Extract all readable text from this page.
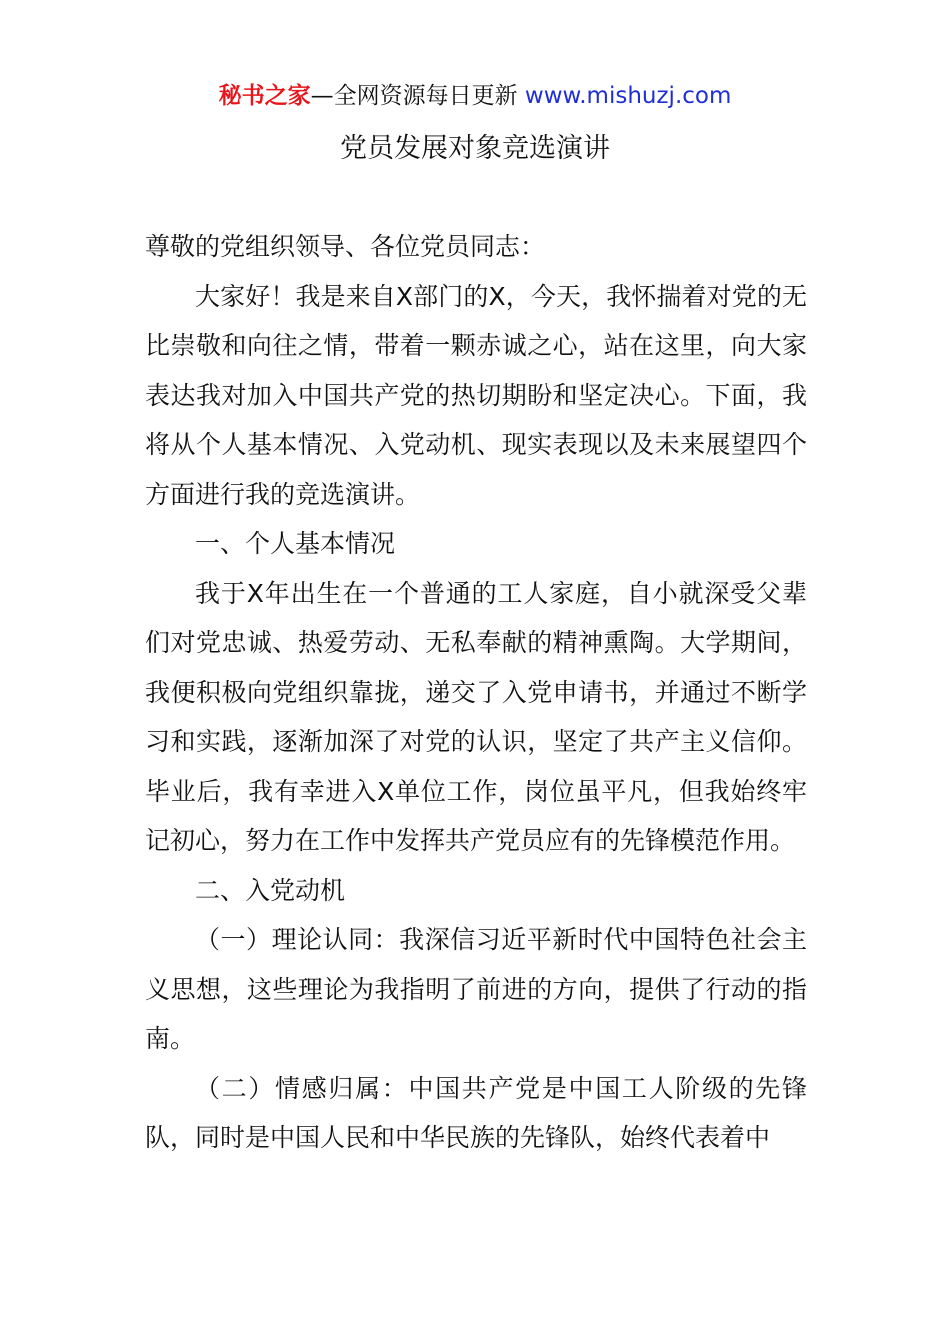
秘书之家—全网资源每日更新 www.mishuzj.com
党员发展对象竞选演讲

尊敬的党组织领导、各位党员同志：

大家好！我是来自X部门的X，今天，我怀揣着对党的无比崇敬和向往之情，带着一颗赤诚之心，站在这里，向大家表达我对加入中国共产党的热切期盼和坚定决心。下面，我将从个人基本情况、入党动机、现实表现以及未来展望四个方面进行我的竞选演讲。

一、个人基本情况

我于X年出生在一个普通的工人家庭，自小就深受父辈们对党忠诚、热爱劳动、无私奉献的精神熏陶。大学期间，我便积极向党组织靠拢，递交了入党申请书，并通过不断学习和实践，逐渐加深了对党的认识，坚定了共产主义信仰。毕业后，我有幸进入X单位工作，岗位虽平凡，但我始终牢记初心，努力在工作中发挥共产党员应有的先锋模范作用。

二、入党动机

（一）理论认同：我深信习近平新时代中国特色社会主义思想，这些理论为我指明了前进的方向，提供了行动的指南。

（二）情感归属：中国共产党是中国工人阶级的先锋队，同时是中国人民和中华民族的先锋队，始终代表着中
